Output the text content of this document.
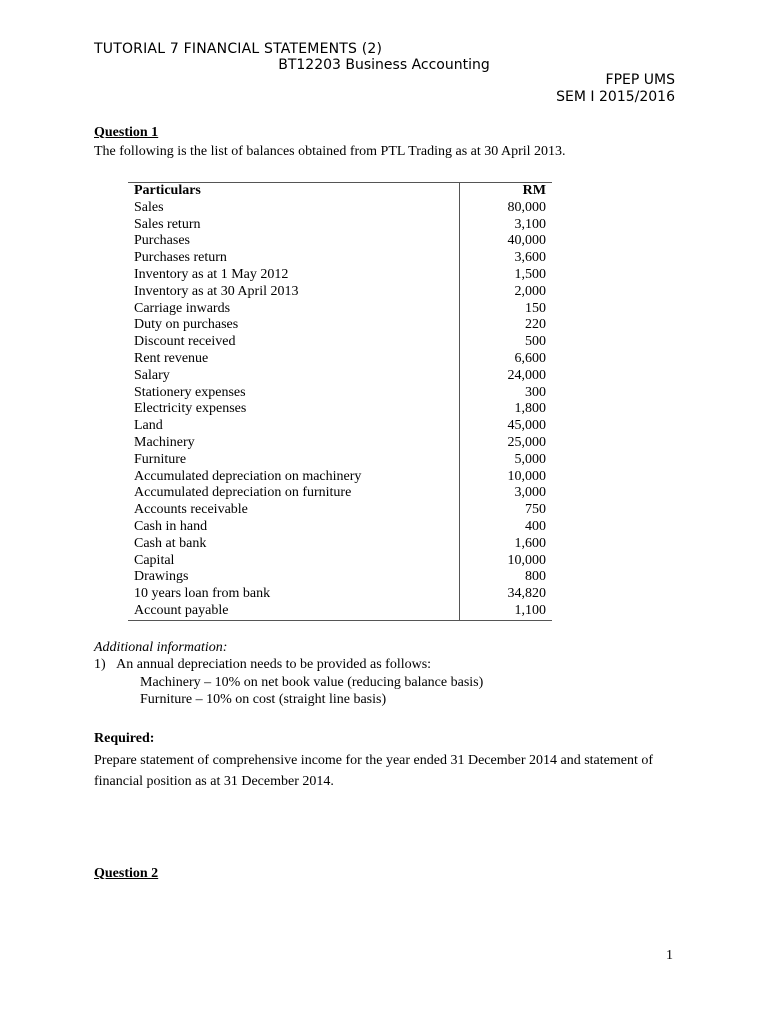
TUTORIAL 7 FINANCIAL STATEMENTS (2)
BT12203 Business Accounting
FPEP UMS
SEM I 2015/2016
Question 1
The following is the list of balances obtained from PTL Trading as at 30 April 2013.
Particulars	RM
Sales	80,000
Sales return	3,100
Purchases	40,000
Purchases return	3,600
Inventory as at 1 May 2012	1,500
Inventory as at 30 April 2013	2,000
Carriage inwards	150
Duty on purchases	220
Discount received	500
Rent revenue	6,600
Salary	24,000
Stationery expenses	300
Electricity expenses	1,800
Land	45,000
Machinery	25,000
Furniture	5,000
Accumulated depreciation on machinery	10,000
Accumulated depreciation on furniture	3,000
Accounts receivable	750
Cash in hand	400
Cash at bank	1,600
Capital	10,000
Drawings	800
10 years loan from bank	34,820
Account payable	1,100
Additional information:
1)   An annual depreciation needs to be provided as follows:
Machinery – 10% on net book value (reducing balance basis)
Furniture – 10% on cost (straight line basis)
Required:
Prepare statement of comprehensive income for the year ended 31 December 2014 and statement of financial position as at 31 December 2014.
Question 2
1
